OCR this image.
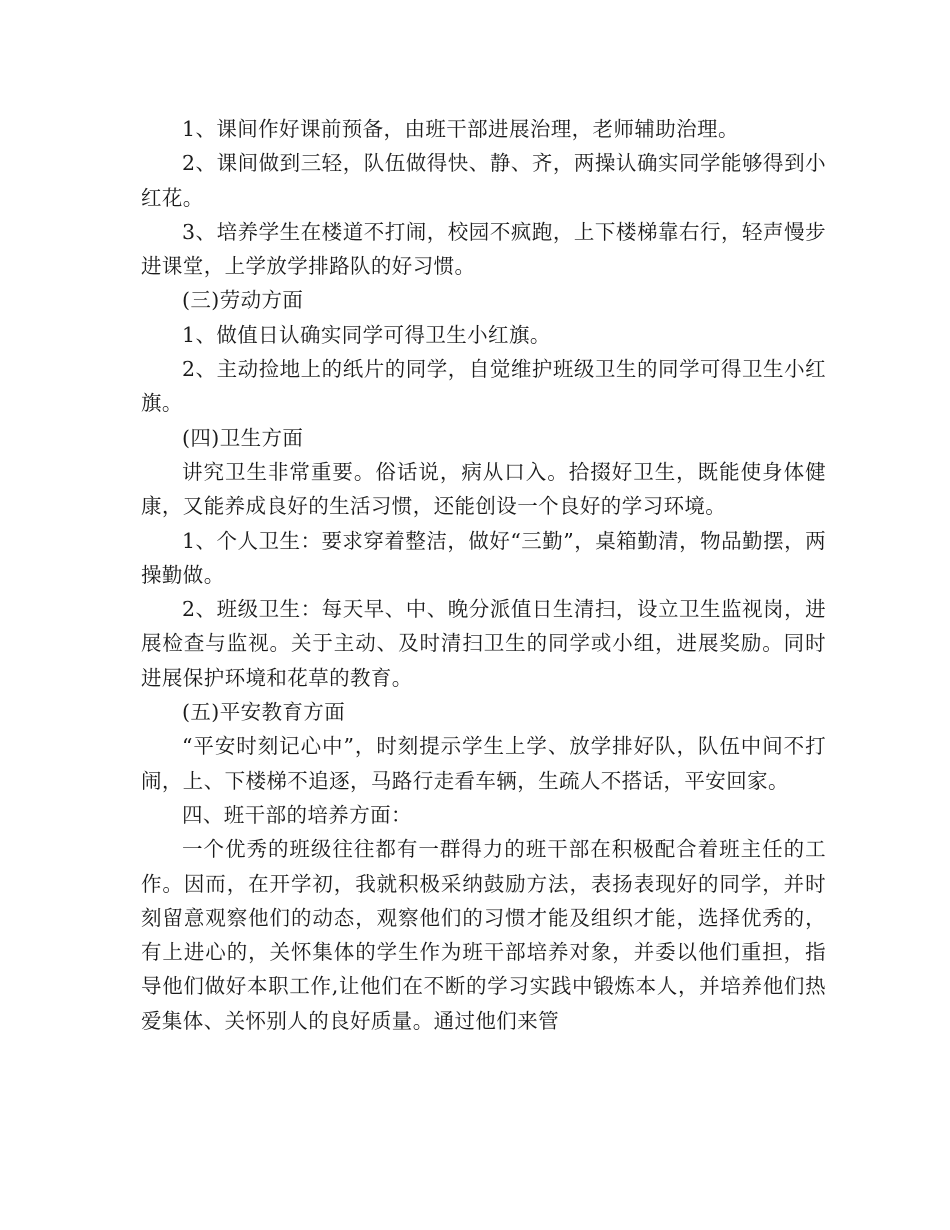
1、课间作好课前预备，由班干部进展治理，老师辅助治理。

2、课间做到三轻，队伍做得快、静、齐，两操认确实同学能够得到小红花。

3、培养学生在楼道不打闹，校园不疯跑，上下楼梯靠右行，轻声慢步进课堂，上学放学排路队的好习惯。

(三)劳动方面

1、做值日认确实同学可得卫生小红旗。

2、主动捡地上的纸片的同学，自觉维护班级卫生的同学可得卫生小红旗。

(四)卫生方面

讲究卫生非常重要。俗话说，病从口入。拾掇好卫生，既能使身体健康，又能养成良好的生活习惯，还能创设一个良好的学习环境。

1、个人卫生：要求穿着整洁，做好“三勤”，桌箱勤清，物品勤摆，两操勤做。

2、班级卫生：每天早、中、晚分派值日生清扫，设立卫生监视岗，进展检查与监视。关于主动、及时清扫卫生的同学或小组，进展奖励。同时进展保护环境和花草的教育。

(五)平安教育方面

“平安时刻记心中”，时刻提示学生上学、放学排好队，队伍中间不打闹，上、下楼梯不追逐，马路行走看车辆，生疏人不搭话，平安回家。

四、班干部的培养方面：

一个优秀的班级往往都有一群得力的班干部在积极配合着班主任的工作。因而，在开学初，我就积极采纳鼓励方法，表扬表现好的同学，并时刻留意观察他们的动态，观察他们的习惯才能及组织才能，选择优秀的，有上进心的，关怀集体的学生作为班干部培养对象，并委以他们重担，指导他们做好本职工作,让他们在不断的学习实践中锻炼本人，并培养他们热爱集体、关怀别人的良好质量。通过他们来管
